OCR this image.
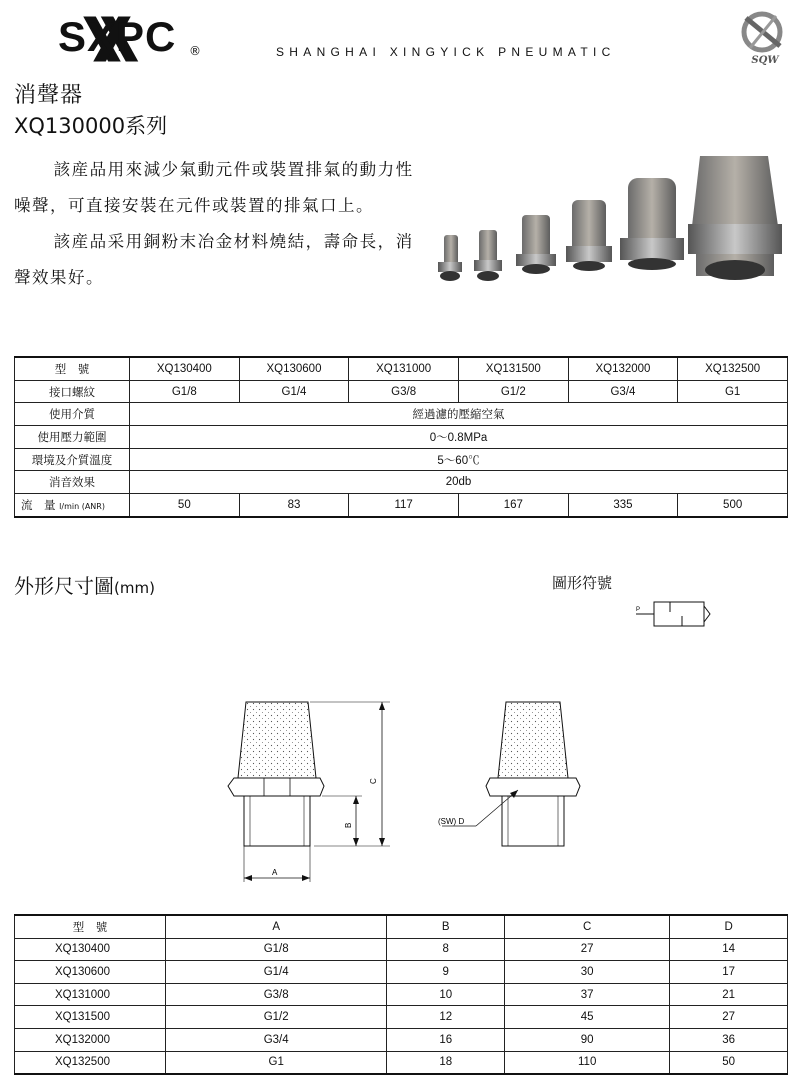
SXPC ®	SHANGHAI XINGYICK PNEUMATIC
SQW
消聲器
XQ130000系列

該産品用來減少氣動元件或裝置排氣的動力性噪聲，可直接安裝在元件或裝置的排氣口上。

該産品采用銅粉末冶金材料燒結，壽命長，消聲效果好。

型　號	XQ130400	XQ130600	XQ131000	XQ131500	XQ132000	XQ132500
接口螺紋	G1/8	G1/4	G3/8	G1/2	G3/4	G1
使用介質	經過濾的壓縮空氣					
使用壓力範圍	0～0.8MPa					
環境及介質溫度	5～60℃					
消音效果	20db					
流　量 l/min (ANR)	50	83	117	167	335	500
外形尺寸圖(mm)	圖形符號
P
C
B
A
(SW) D
型　號	A	B	C	D
XQ130400	G1/8	8	27	14
XQ130600	G1/4	9	30	17
XQ131000	G3/8	10	37	21
XQ131500	G1/2	12	45	27
XQ132000	G3/4	16	90	36
XQ132500	G1	18	110	50
